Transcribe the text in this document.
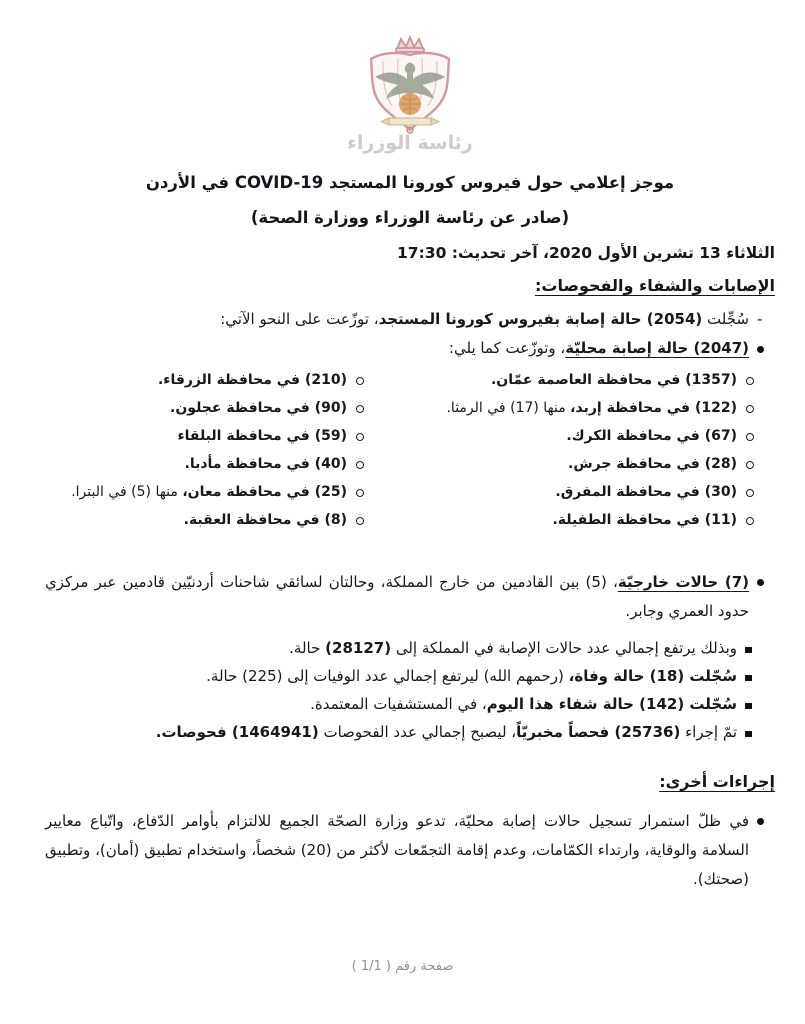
رئاسة الوزراء
موجز إعلامي حول فيروس كورونا المستجد COVID-19 في الأردن
(صادر عن رئاسة الوزراء ووزارة الصحة)
الثلاثاء 13 تشرين الأول 2020، آخر تحديث: 17:30
الإصابات والشفاء والفحوصات:
-
سُجِّلت (2054) حالة إصابة بفيروس كورونا المستجد، توزّعت على النحو الآتي:
(2047) حالة إصابة محليّة، وتوزّعت كما يلي:
(1357) في محافظة العاصمة عمّان.
(210) في محافظة الزرقاء.
(122) في محافظة إربد، منها (17) في الرمثا.
(90) في محافظة عجلون.
(67) في محافظة الكرك.
(59) في محافظة البلقاء
(28) في محافظة جرش.
(40) في محافظة مأدبا.
(30) في محافظة المفرق.
(25) في محافظة معان، منها (5) في البترا.
(11) في محافظة الطفيلة.
(8) في محافظة العقبة.
(7) حالات خارجيّة، (5) بين القادمين من خارج المملكة، وحالتان لسائقي شاحنات أردنيّين قادمين عبر مركزي حدود العمري وجابر.
وبذلك يرتفع إجمالي عدد حالات الإصابة في المملكة إلى (28127) حالة.
سُجّلت (18) حالة وفاة، (رحمهم الله) ليرتفع إجمالي عدد الوفيات إلى (225) حالة.
سُجّلت (142) حالة شفاء هذا اليوم، في المستشفيات المعتمدة.
تمّ إجراء (25736) فحصاً مخبريّاً، ليصبح إجمالي عدد الفحوصات (1464941) فحوصات.
إجراءات أخرى:
في ظلّ استمرار تسجيل حالات إصابة محليّة، تدعو وزارة الصحّة الجميع للالتزام بأوامر الدّفاع، واتّباع معايير السلامة والوقاية، وارتداء الكمّامات، وعدم إقامة التجمّعات لأكثر من (20) شخصاً، واستخدام تطبيق (أمان)، وتطبيق (صحتك).
صفحة رقم ( 1/1 )
